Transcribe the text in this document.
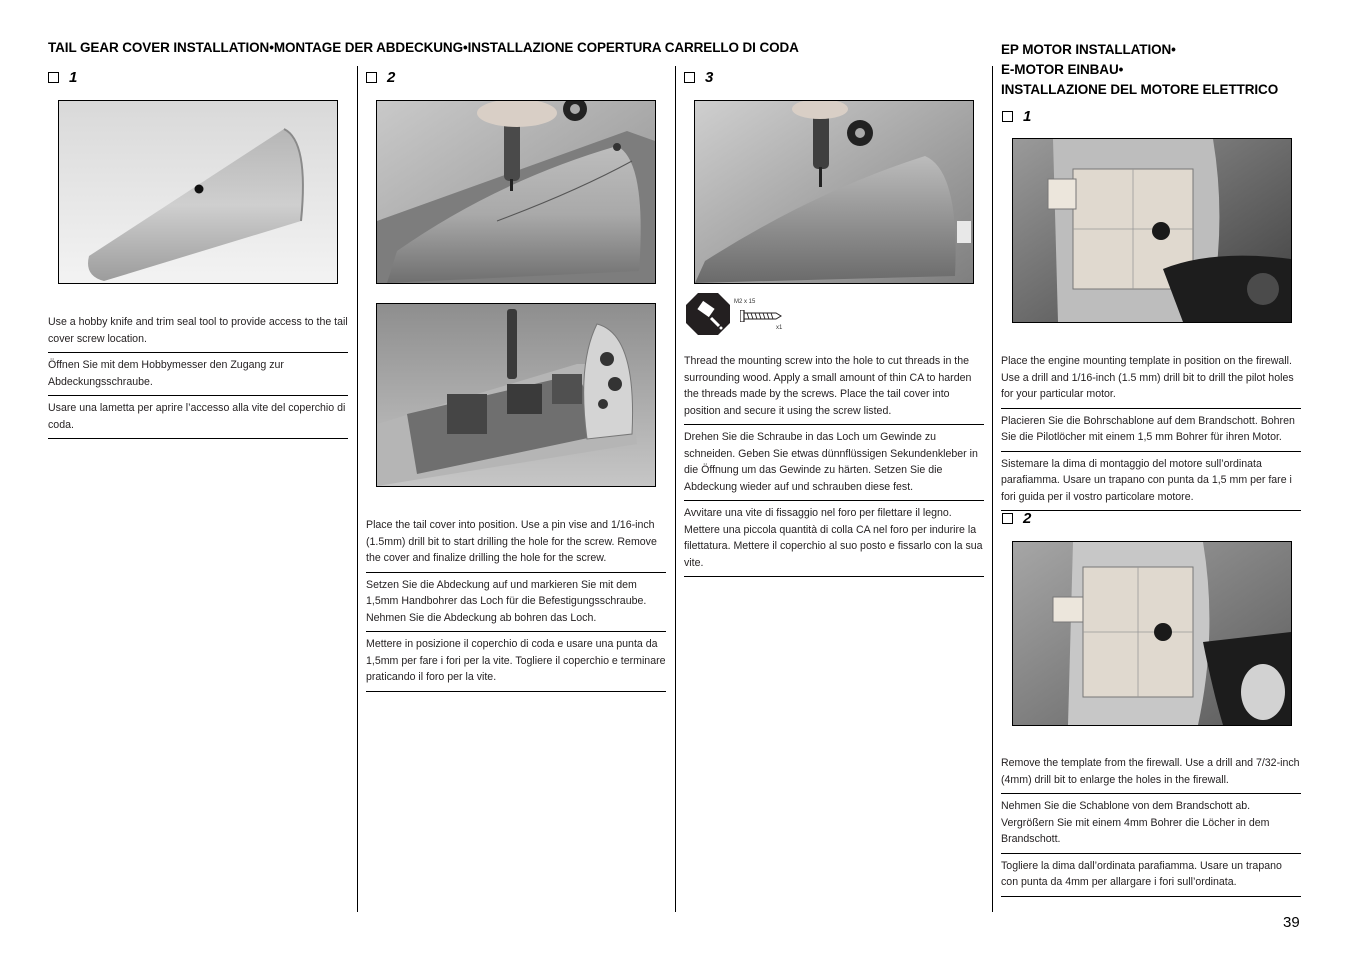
TAIL GEAR COVER INSTALLATION•MONTAGE DER ABDECKUNG•INSTALLAZIONE COPERTURA CARRELLO DI CODA	EP MOTOR INSTALLATION•
E-MOTOR EINBAU•
INSTALLAZIONE DEL MOTORE ELETTRICO
1
Use a hobby knife and trim seal tool to provide access to the tail cover screw location.
Öffnen Sie mit dem Hobbymesser den Zugang zur Abdeckungsschraube.
Usare una lametta per aprire l’accesso alla vite del coperchio di coda.
2
Place the tail cover into position. Use a pin vise and 1/16-inch (1.5mm) drill bit to start drilling the hole for the screw. Remove the cover and finalize drilling the hole for the screw.
Setzen Sie die Abdeckung auf und markieren Sie mit dem 1,5mm Handbohrer das Loch für die Befestigungsschraube. Nehmen Sie die Abdeckung ab bohren das Loch.
Mettere in posizione il coperchio di coda e usare una punta da 1,5mm per fare i fori per la vite. Togliere il coperchio e terminare praticando il foro per la vite.
3
M2 x 15
x1
Thread the mounting screw into the hole to cut threads in the surrounding wood. Apply a small amount of thin CA to harden the threads made by the screws. Place the tail cover into position and secure it using the screw listed.
Drehen Sie die Schraube in das Loch um Gewinde zu schneiden. Geben Sie etwas dünnflüssigen Sekundenkleber in die Öffnung um das Gewinde zu härten. Setzen Sie die Abdeckung wieder auf und schrauben diese fest.
Avvitare una vite di fissaggio nel foro per filettare il legno. Mettere una piccola quantità di colla CA nel foro per indurire la filettatura. Mettere il coperchio al suo posto e fissarlo con la sua vite.
1
Place the engine mounting template in position on the firewall. Use a drill and 1/16-inch (1.5 mm) drill bit to drill the pilot holes for your particular motor.
Placieren Sie die Bohrschablone auf dem Brandschott. Bohren Sie die Pilotlöcher mit einem 1,5 mm Bohrer für ihren Motor.
Sistemare la dima di montaggio del motore sull’ordinata parafiamma. Usare un trapano con punta da 1,5 mm per fare i fori guida per il vostro particolare motore.
2
Remove the template from the firewall. Use a drill and 7/32-inch (4mm) drill bit to enlarge the holes in the firewall.
Nehmen Sie die Schablone von dem Brandschott ab. Vergrößern Sie mit einem 4mm Bohrer die Löcher in dem Brandschott.
Togliere la dima dall’ordinata parafiamma. Usare un trapano con punta da 4mm per allargare i fori sull’ordinata.
39
